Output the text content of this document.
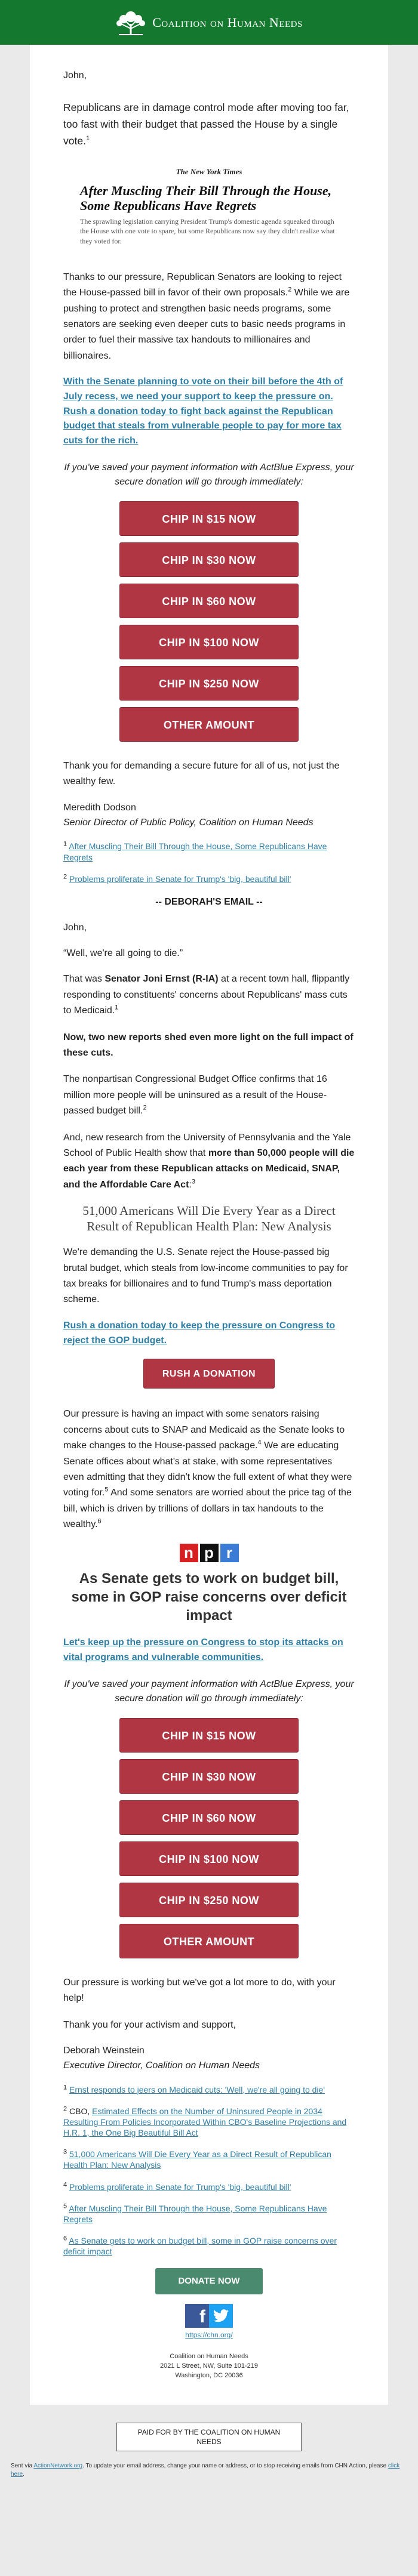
Coalition on Human Needs

John,

Republicans are in damage control mode after moving too far, too fast with their budget that passed the House by a single vote.$^1$

The New York Times
After Muscling Their Bill Through the House, Some Republicans Have Regrets
The sprawling legislation carrying President Trump's domestic agenda squeaked through the House with one vote to spare, but some Republicans now say they didn't realize what they voted for.

Thanks to our pressure, Republican Senators are looking to reject the House-passed bill in favor of their own proposals.$^2$ While we are pushing to protect and strengthen basic needs programs, some senators are seeking even deeper cuts to basic needs programs in order to fuel their massive tax handouts to millionaires and billionaires.

With the Senate planning to vote on their bill before the 4th of July recess, we need your support to keep the pressure on. Rush a donation today to fight back against the Republican budget that steals from vulnerable people to pay for more tax cuts for the rich.

If you've saved your payment information with ActBlue Express, your secure donation will go through immediately:

CHIP IN $15 NOW
CHIP IN $30 NOW
CHIP IN $60 NOW
CHIP IN $100 NOW
CHIP IN $250 NOW
OTHER AMOUNT

Thank you for demanding a secure future for all of us, not just the wealthy few.

Meredith Dodson
Senior Director of Public Policy, Coalition on Human Needs

$^1$ After Muscling Their Bill Through the House, Some Republicans Have Regrets

$^2$ Problems proliferate in Senate for Trump's 'big, beautiful bill'

-- DEBORAH'S EMAIL --

John,

“Well, we're all going to die.”

That was Senator Joni Ernst (R-IA) at a recent town hall, flippantly responding to constituents' concerns about Republicans' mass cuts to Medicaid.$^1$

Now, two new reports shed even more light on the full impact of these cuts.

The nonpartisan Congressional Budget Office confirms that 16 million more people will be uninsured as a result of the House-passed budget bill.$^2$

And, new research from the University of Pennsylvania and the Yale School of Public Health show that more than 50,000 people will die each year from these Republican attacks on Medicaid, SNAP, and the Affordable Care Act:$^3$

51,000 Americans Will Die Every Year as a Direct Result of Republican Health Plan: New Analysis

We're demanding the U.S. Senate reject the House-passed big brutal budget, which steals from low-income communities to pay for tax breaks for billionaires and to fund Trump's mass deportation scheme.

Rush a donation today to keep the pressure on Congress to reject the GOP budget.

RUSH A DONATION

Our pressure is having an impact with some senators raising concerns about cuts to SNAP and Medicaid as the Senate looks to make changes to the House-passed package.$^4$ We are educating Senate offices about what's at stake, with some representatives even admitting that they didn't know the full extent of what they were voting for.$^5$ And some senators are worried about the price tag of the bill, which is driven by trillions of dollars in tax handouts to the wealthy.$^6$

n p r

As Senate gets to work on budget bill, some in GOP raise concerns over deficit impact

Let's keep up the pressure on Congress to stop its attacks on vital programs and vulnerable communities.

If you've saved your payment information with ActBlue Express, your secure donation will go through immediately:

CHIP IN $15 NOW
CHIP IN $30 NOW
CHIP IN $60 NOW
CHIP IN $100 NOW
CHIP IN $250 NOW
OTHER AMOUNT

Our pressure is working but we've got a lot more to do, with your help!

Thank you for your activism and support,

Deborah Weinstein
Executive Director, Coalition on Human Needs

$^1$ Ernst responds to jeers on Medicaid cuts: 'Well, we're all going to die'

$^2$ CBO, Estimated Effects on the Number of Uninsured People in 2034 Resulting From Policies Incorporated Within CBO's Baseline Projections and H.R. 1, the One Big Beautiful Bill Act

$^3$ 51,000 Americans Will Die Every Year as a Direct Result of Republican Health Plan: New Analysis

$^4$ Problems proliferate in Senate for Trump's 'big, beautiful bill'

$^5$ After Muscling Their Bill Through the House, Some Republicans Have Regrets

$^6$ As Senate gets to work on budget bill, some in GOP raise concerns over deficit impact

DONATE NOW
f

https://chn.org/

Coalition on Human Needs
2021 L Street, NW, Suite 101-219
Washington, DC 20036
PAID FOR BY THE COALITION ON HUMAN NEEDS
Sent via ActionNetwork.org. To update your email address, change your name or address, or to stop receiving emails from CHN Action, please click here.
